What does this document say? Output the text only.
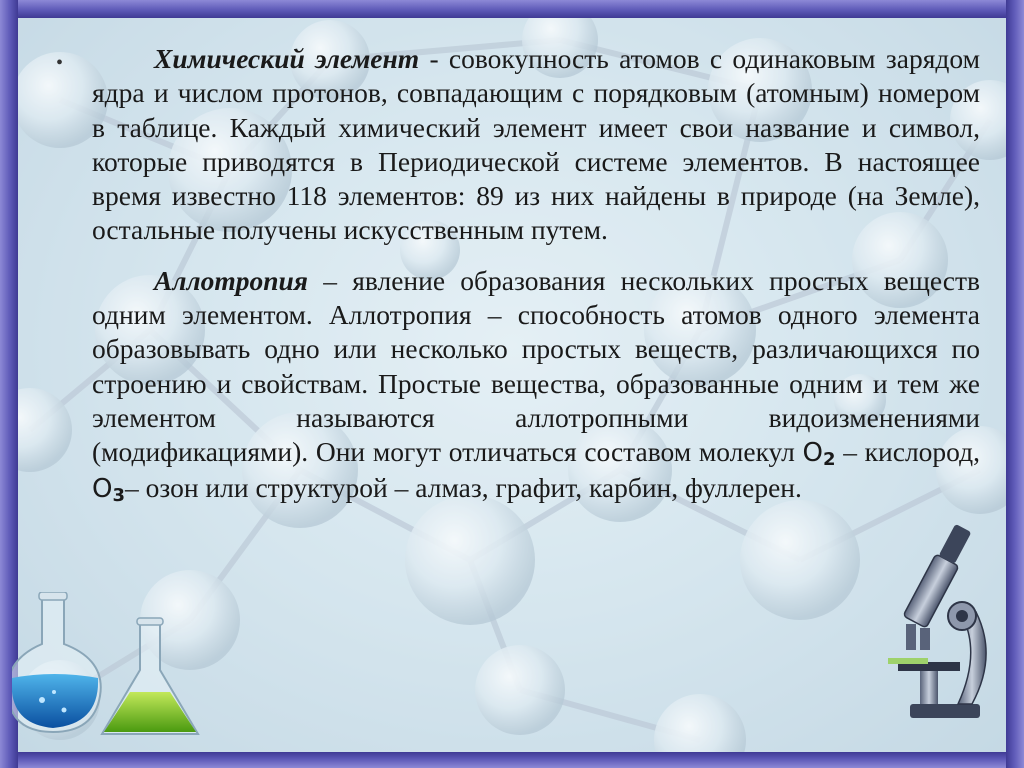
•	Химический элемент - совокупность атомов с одинаковым зарядом ядра и числом протонов, совпадающим с порядковым (атомным) номером в таблице. Каждый химический элемент имеет свои название и символ, которые приводятся в Периодической системе элементов. В настоящее время известно 118 элементов: 89 из них найдены в природе (на Земле), остальные получены искусственным путем.

Аллотропия – явление образования нескольких простых веществ одним элементом. Аллотропия – способность атомов одного элемента образовывать одно или несколько простых веществ, различающихся по строению и свойствам. Простые вещества, образованные одним и тем же элементом называются аллотропными видоизменениями (модификациями). Они могут отличаться составом молекул $O_2$ – кислород, $O_3-$ озон или структурой – алмаз, графит, карбин, фуллерен.
